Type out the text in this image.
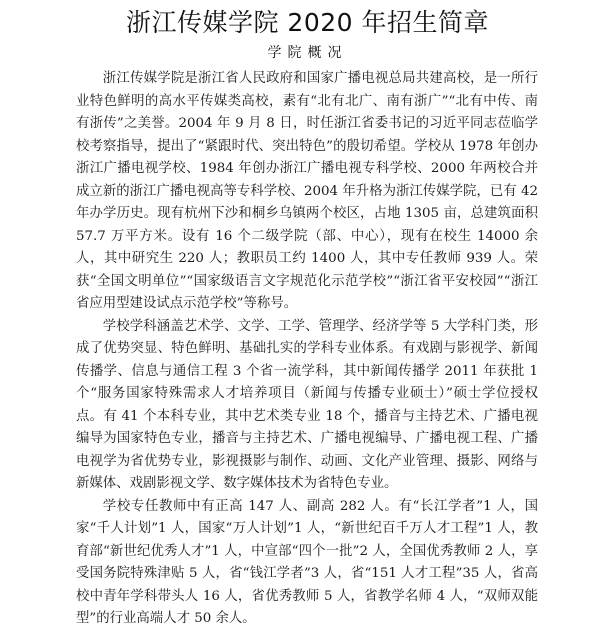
浙江传媒学院 2020 年招生简章
学院概况

浙江传媒学院是浙江省人民政府和国家广播电视总局共建高校，是一所行业特色鲜明的高水平传媒类高校，素有“北有北广、南有浙广”“北有中传、南有浙传”之美誉。2004 年 9 月 8 日，时任浙江省委书记的习近平同志莅临学校考察指导，提出了“紧跟时代、突出特色”的殷切希望。学校从 1978 年创办浙江广播电视学校、1984 年创办浙江广播电视专科学校、2000 年两校合并成立新的浙江广播电视高等专科学校、2004 年升格为浙江传媒学院，已有 42 年办学历史。现有杭州下沙和桐乡乌镇两个校区，占地 1305 亩，总建筑面积 57.7 万平方米。设有 16 个二级学院（部、中心），现有在校生 14000 余人，其中研究生 220 人；教职员工约 1400 人，其中专任教师 939 人。荣获“全国文明单位”“国家级语言文字规范化示范学校”“浙江省平安校园”“浙江省应用型建设试点示范学校”等称号。

学校学科涵盖艺术学、文学、工学、管理学、经济学等 5 大学科门类，形成了优势突显、特色鲜明、基础扎实的学科专业体系。有戏剧与影视学、新闻传播学、信息与通信工程 3 个省一流学科，其中新闻传播学 2011 年获批 1 个“服务国家特殊需求人才培养项目（新闻与传播专业硕士）”硕士学位授权点。有 41 个本科专业，其中艺术类专业 18 个，播音与主持艺术、广播电视编导为国家特色专业，播音与主持艺术、广播电视编导、广播电视工程、广播电视学为省优势专业，影视摄影与制作、动画、文化产业管理、摄影、网络与新媒体、戏剧影视文学、数字媒体技术为省特色专业。

学校专任教师中有正高 147 人、副高 282 人。有“长江学者”1 人，国家“千人计划”1 人，国家“万人计划”1 人，“新世纪百千万人才工程”1 人，教育部“新世纪优秀人才”1 人，中宣部“四个一批”2 人，全国优秀教师 2 人，享受国务院特殊津贴 5 人，省“钱江学者”3 人，省“151 人才工程”35 人，省高校中青年学科带头人 16 人，省优秀教师 5 人，省教学名师 4 人，“双师双能型”的行业高端人才 50 余人。
